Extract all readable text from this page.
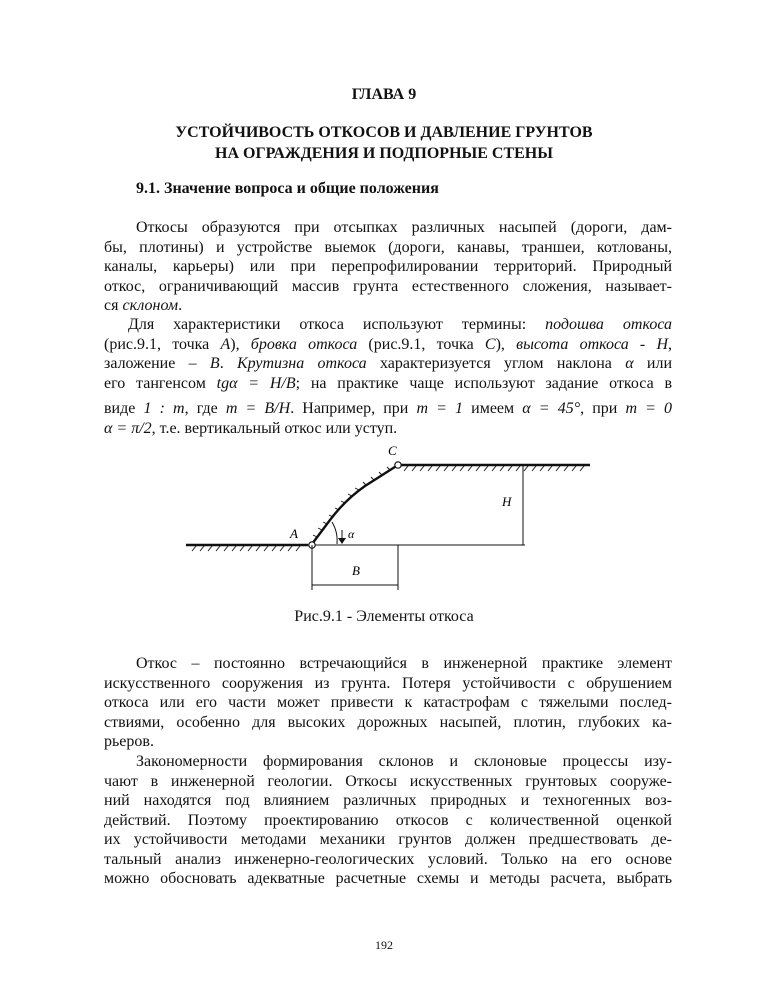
ГЛАВА 9
УСТОЙЧИВОСТЬ ОТКОСОВ И ДАВЛЕНИЕ ГРУНТОВ
НА ОГРАЖДЕНИЯ И ПОДПОРНЫЕ СТЕНЫ
9.1. Значение вопроса и общие положения
Откосы образуются при отсыпках различных насыпей (дороги, дам-
бы, плотины) и устройстве выемок (дороги, канавы, траншеи, котлованы,
каналы, карьеры) или при перепрофилировании территорий. Природный
откос, ограничивающий массив грунта естественного сложения, называет-
ся склоном.
Для характеристики откоса используют термины: подошва откоса
(рис.9.1, точка А), бровка откоса (рис.9.1, точка С), высота откоса - Н,
заложение – В. Крутизна откоса характеризуется углом наклона α или
его тангенсом tgα = H/B; на практике чаще используют задание откоса в
виде 1 : m, где m = B/H. Например, при m = 1 имеем α = 45°, при m = 0
α = π/2, т.е. вертикальный откос или уступ.
А
С
Н
В
α
Рис.9.1 - Элементы откоса
Откос – постоянно встречающийся в инженерной практике элемент
искусственного сооружения из грунта. Потеря устойчивости с обрушением
откоса или его части может привести к катастрофам с тяжелыми послед-
ствиями, особенно для высоких дорожных насыпей, плотин, глубоких ка-
рьеров.
Закономерности формирования склонов и склоновые процессы изу-
чают в инженерной геологии. Откосы искусственных грунтовых сооруже-
ний находятся под влиянием различных природных и техногенных воз-
действий. Поэтому проектированию откосов с количественной оценкой
их устойчивости методами механики грунтов должен предшествовать де-
тальный анализ инженерно-геологических условий. Только на его основе
можно обосновать адекватные расчетные схемы и методы расчета, выбрать
192
